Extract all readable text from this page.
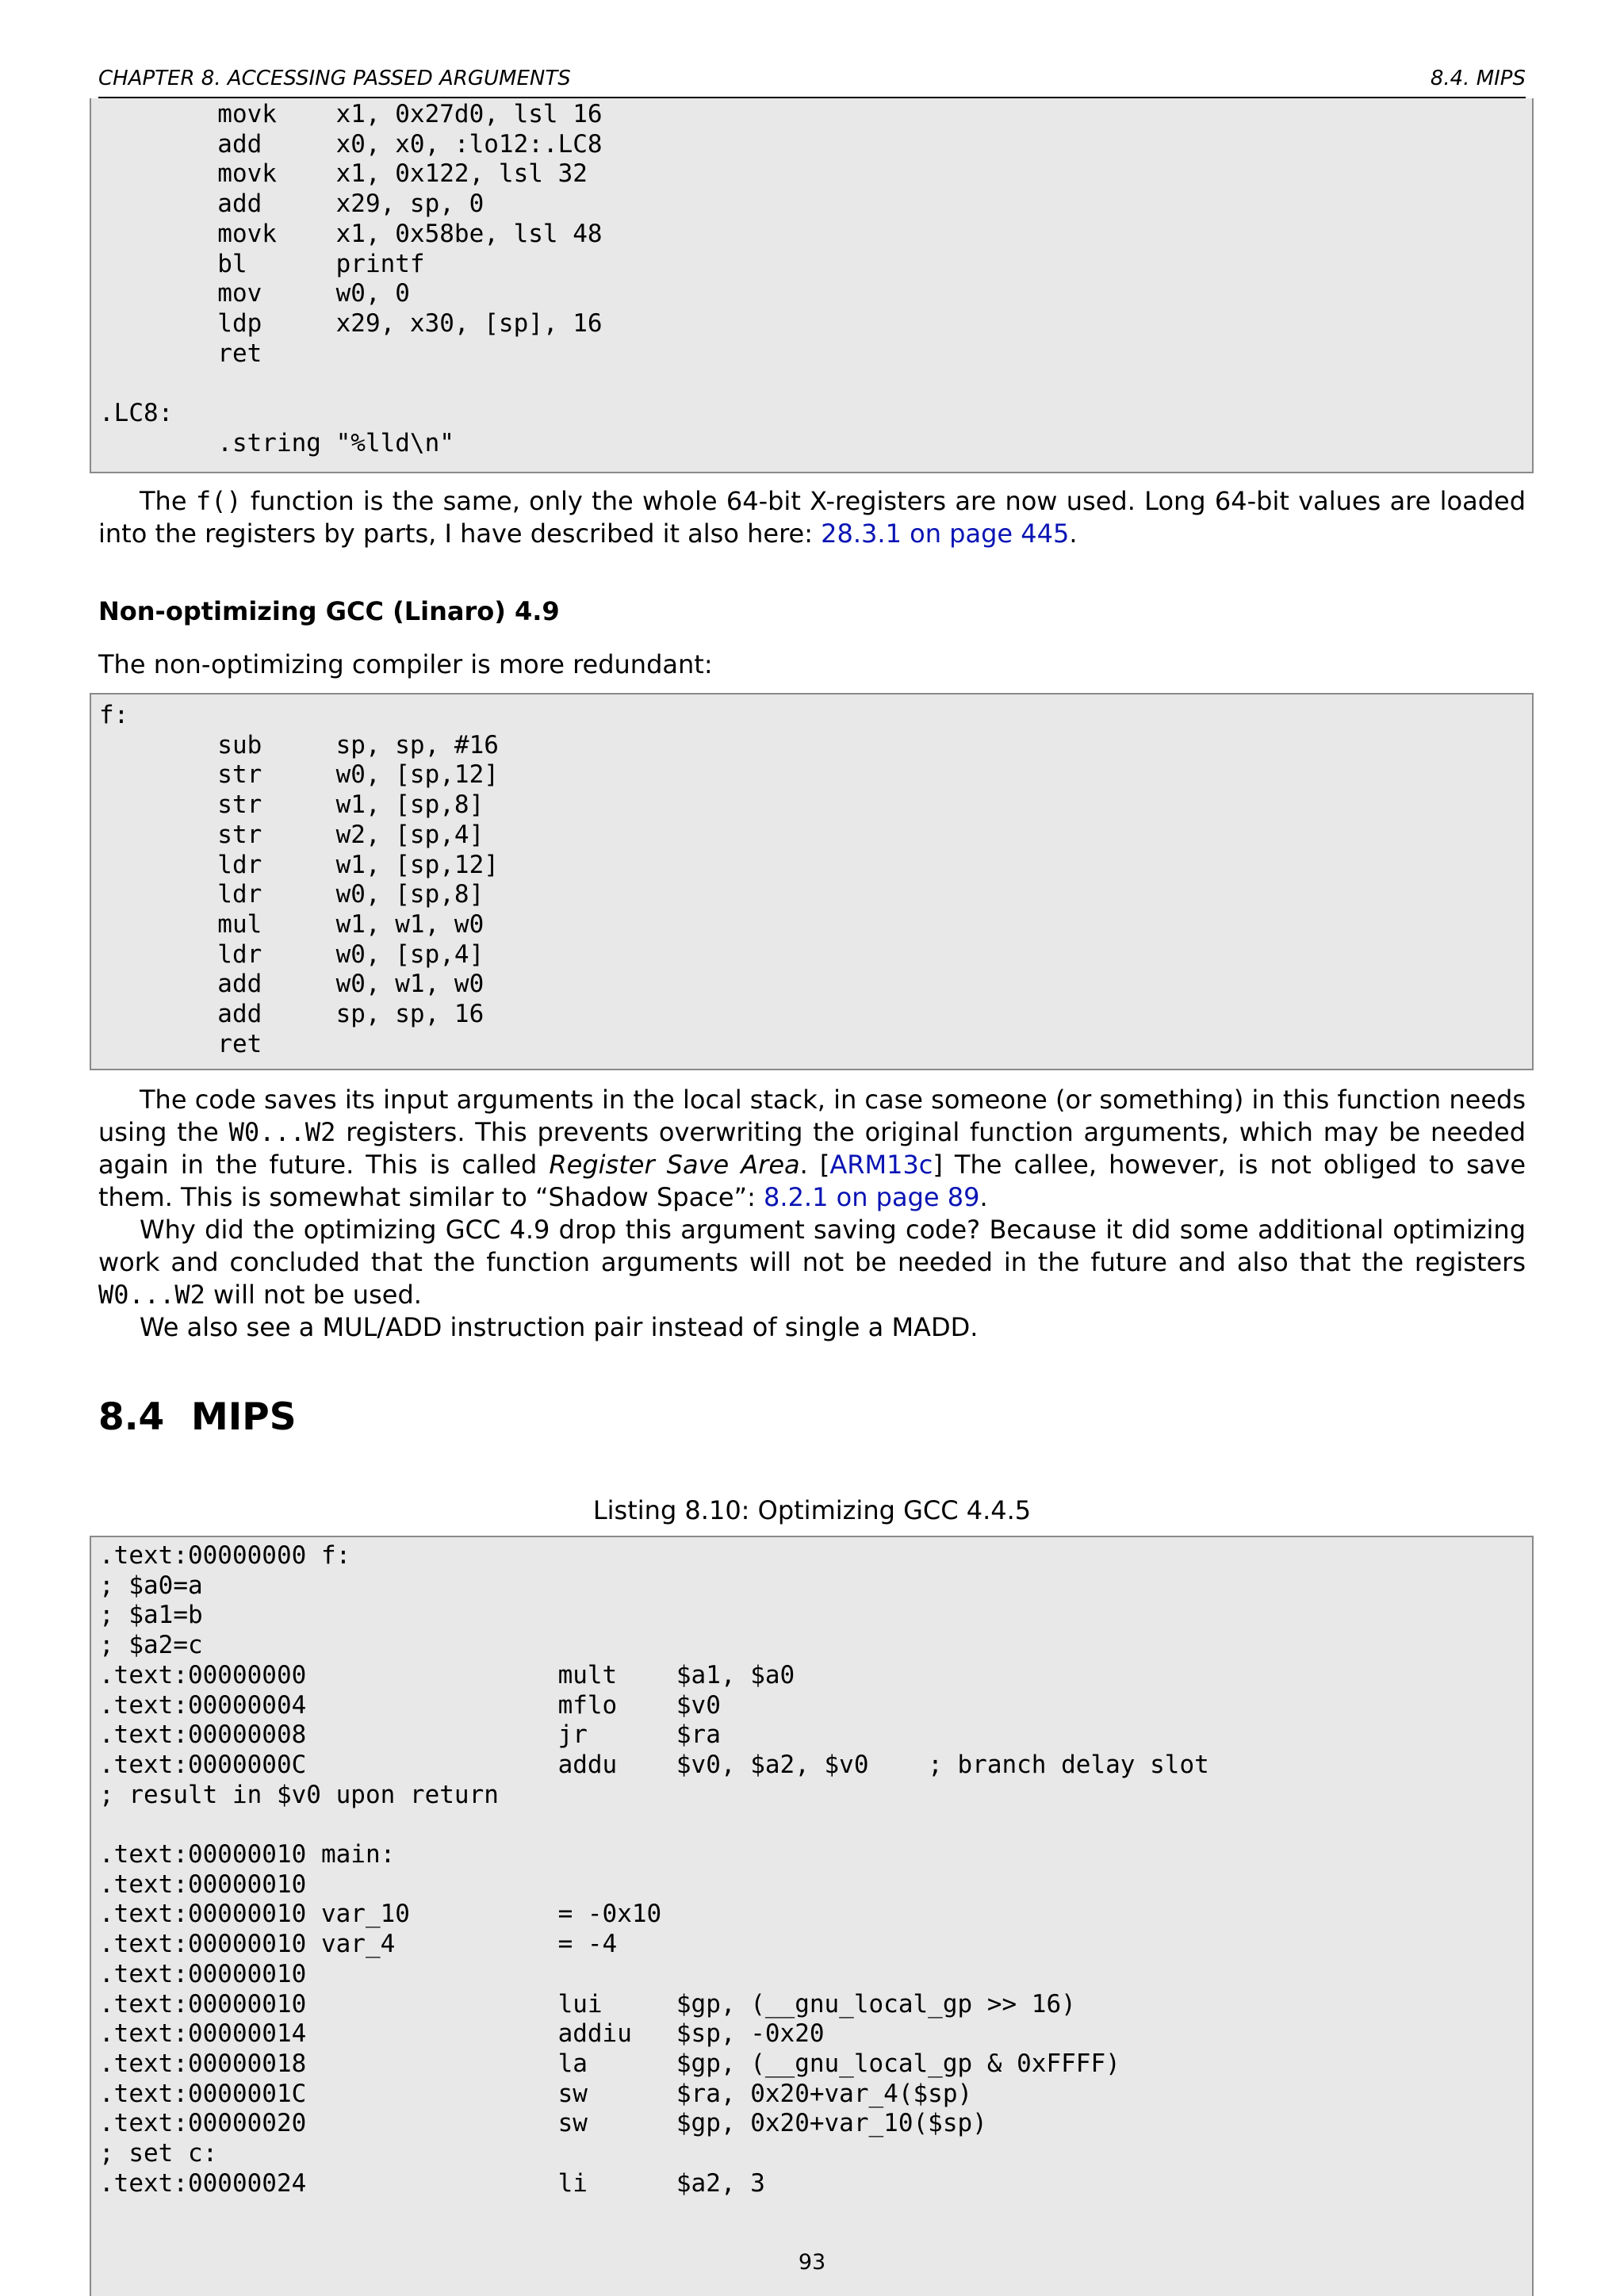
CHAPTER 8. ACCESSING PASSED ARGUMENTS	8.4. MIPS
movk    x1, 0x27d0, lsl 16
add     x0, x0, :lo12:.LC8
movk    x1, 0x122, lsl 32
add     x29, sp, 0
movk    x1, 0x58be, lsl 48
bl      printf
mov     w0, 0
ldp     x29, x30, [sp], 16
ret

.LC8:
.string "%lld\n"

The f() function is the same, only the whole 64-bit X-registers are now used. Long 64-bit values are loaded into the registers by parts, I have described it also here: 28.3.1 on page 445.

Non-optimizing GCC (Linaro) 4.9

The non-optimizing compiler is more redundant:

f:
sub     sp, sp, #16
str     w0, [sp,12]
str     w1, [sp,8]
str     w2, [sp,4]
ldr     w1, [sp,12]
ldr     w0, [sp,8]
mul     w1, w1, w0
ldr     w0, [sp,4]
add     w0, w1, w0
add     sp, sp, 16
ret

The code saves its input arguments in the local stack, in case someone (or something) in this function needs using the W0...W2 registers. This prevents overwriting the original function arguments, which may be needed again in the future. This is called Register Save Area. [ARM13c] The callee, however, is not obliged to save them. This is somewhat similar to “Shadow Space”: 8.2.1 on page 89.

Why did the optimizing GCC 4.9 drop this argument saving code? Because it did some additional optimizing work and concluded that the function arguments will not be needed in the future and also that the registers W0...W2 will not be used.

We also see a MUL/ADD instruction pair instead of single a MADD.

8.4 MIPS
Listing 8.10: Optimizing GCC 4.4.5
.text:00000000 f:
; $a0=a
; $a1=b
; $a2=c
.text:00000000                 mult    $a1, $a0
.text:00000004                 mflo    $v0
.text:00000008                 jr      $ra
.text:0000000C                 addu    $v0, $a2, $v0    ; branch delay slot
; result in $v0 upon return

.text:00000010 main:
.text:00000010
.text:00000010 var_10          = -0x10
.text:00000010 var_4           = -4
.text:00000010
.text:00000010                 lui     $gp, (__gnu_local_gp >> 16)
.text:00000014                 addiu   $sp, -0x20
.text:00000018                 la      $gp, (__gnu_local_gp & 0xFFFF)
.text:0000001C                 sw      $ra, 0x20+var_4($sp)
.text:00000020                 sw      $gp, 0x20+var_10($sp)
; set c:
.text:00000024                 li      $a2, 3
93
